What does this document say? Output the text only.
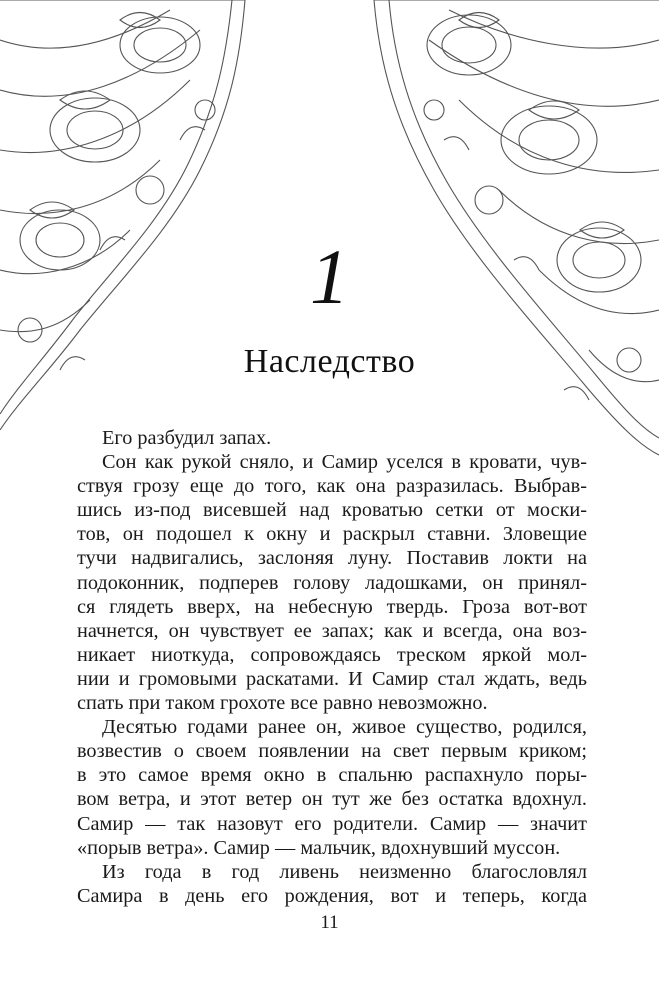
1
Наследство
Его разбудил запах.
Сон как рукой сняло, и Самир уселся в кровати, чув-
ствуя грозу еще до того, как она разразилась. Выбрав-
шись из-под висевшей над кроватью сетки от моски-
тов, он подошел к окну и раскрыл ставни. Зловещие
тучи надвигались, заслоняя луну. Поставив локти на
подоконник, подперев голову ладошками, он принял-
ся глядеть вверх, на небесную твердь. Гроза вот-вот
начнется, он чувствует ее запах; как и всегда, она воз-
никает ниоткуда, сопровождаясь треском яркой мол-
нии и громовыми раскатами. И Самир стал ждать, ведь
спать при таком грохоте все равно невозможно.
Десятью годами ранее он, живое существо, родился,
возвестив о своем появлении на свет первым криком;
в это самое время окно в спальню распахнуло поры-
вом ветра, и этот ветер он тут же без остатка вдохнул.
Самир — так назовут его родители. Самир — значит
«порыв ветра». Самир — мальчик, вдохнувший муссон.
Из года в год ливень неизменно благословлял
Самира в день его рождения, вот и теперь, когда
11
